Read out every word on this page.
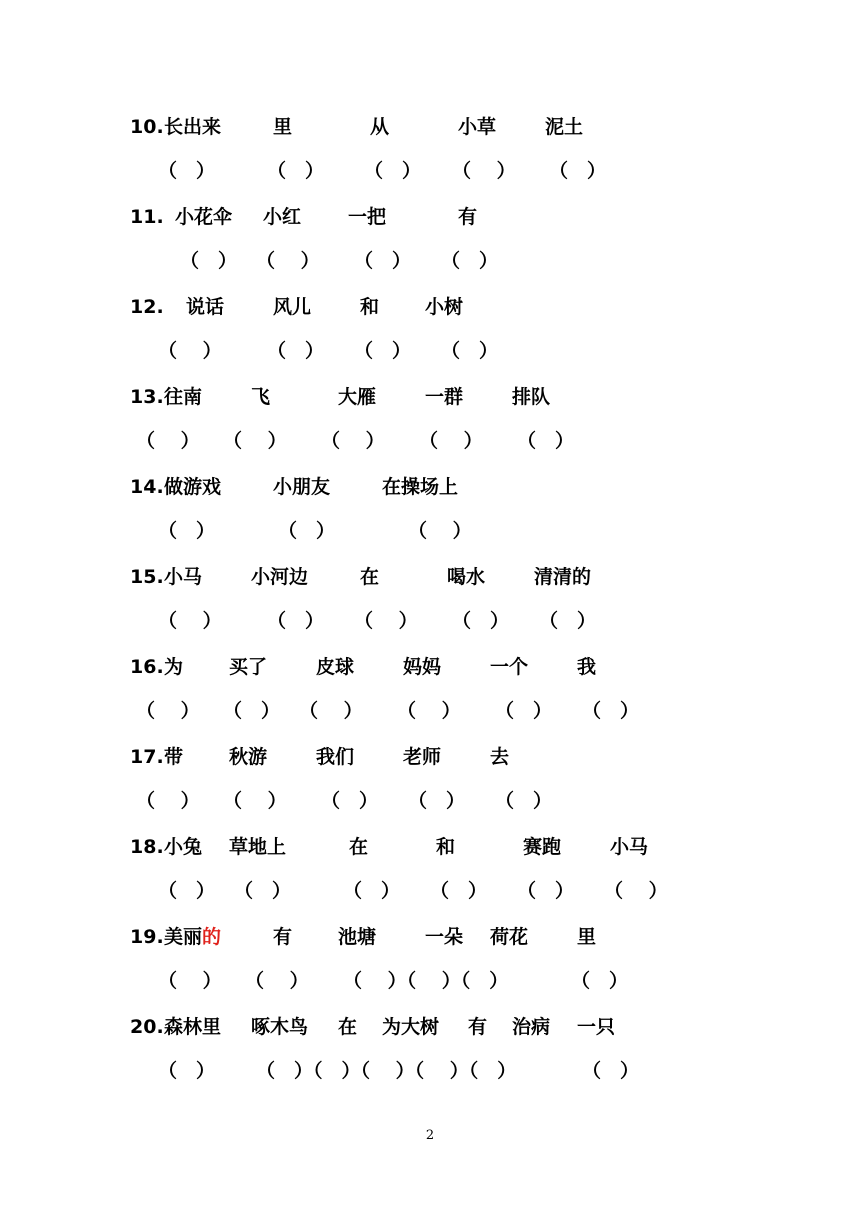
10. 长出来	里	从	小草	泥土
（　）	（　） （　） （　 ） （　）
11. 小花伞 小红 一把	有
（　） （　 ） （　） （　）
12. 说话	风儿	和 小树
（　 ） （　） （　） （　）
13. 往南	飞	大雁	一群	排队
（　 ） （　 ） （　 ） （　 ） （　）
14. 做游戏	小朋友	在操场上
（　）	（　）	（　 ）
15. 小马	小河边	在	喝水	清清的
（　 ） （　） （　 ） （　） （　）
16. 为 买了	皮球	妈妈	一个	我
（　 ） （　） （　 ） （　 ） （　） （　）
17. 带 秋游	我们	老师	去
（　 ） （　 ） （　） （　） （　）
18. 小兔 草地上	在	和	赛跑	小马
（　） （　）	（　） （　） （　） （　 ）
19. 美丽的	有 池塘	一朵 荷花	里
（　 ） （　 ） （　 ）（　 ）（　）	（　）
20. 森林里 啄木鸟 在 为大树 有 治病 一只
（　） （　）（　）（　 ）（　 ）（　）	（　）
2
